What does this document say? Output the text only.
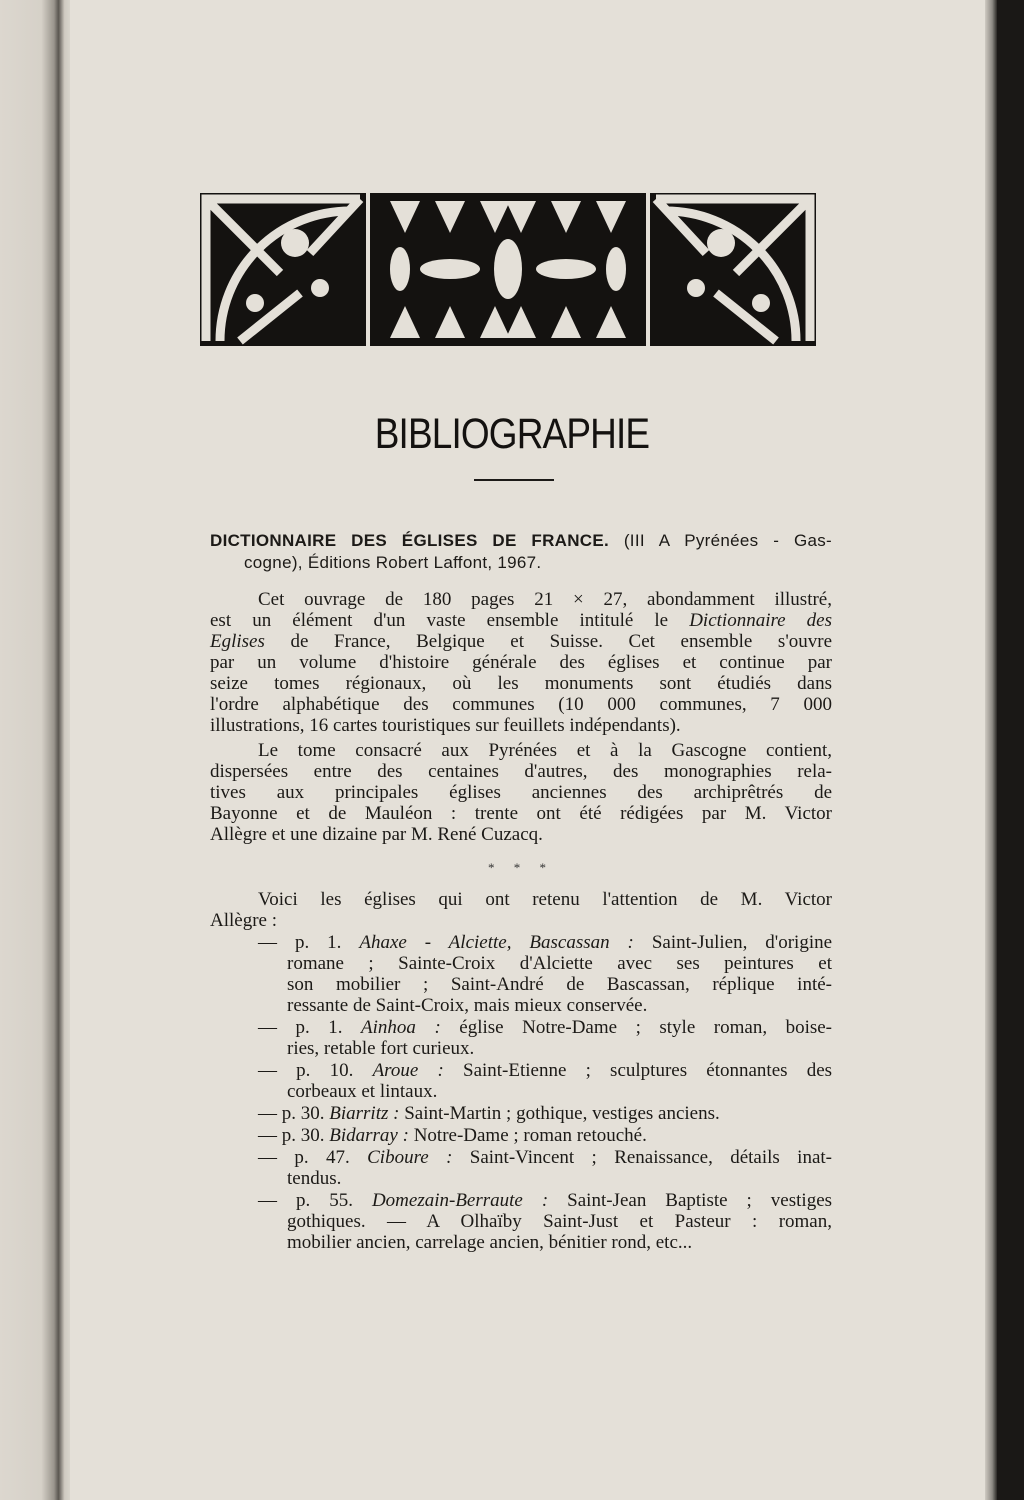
BIBLIOGRAPHIE
DICTIONNAIRE DES ÉGLISES DE FRANCE. (III A Pyrénées - Gas-
cogne), Éditions Robert Laffont, 1967.
Cet ouvrage de 180 pages 21 × 27, abondamment illustré,
est un élément d'un vaste ensemble intitulé le Dictionnaire des
Eglises de France, Belgique et Suisse. Cet ensemble s'ouvre
par un volume d'histoire générale des églises et continue par
seize tomes régionaux, où les monuments sont étudiés dans
l'ordre alphabétique des communes (10 000 communes, 7 000
illustrations, 16 cartes touristiques sur feuillets indépendants).
Le tome consacré aux Pyrénées et à la Gascogne contient,
dispersées entre des centaines d'autres, des monographies rela-
tives aux principales églises anciennes des archiprêtrés de
Bayonne et de Mauléon : trente ont été rédigées par M. Victor
Allègre et une dizaine par M. René Cuzacq.
* * *
Voici les églises qui ont retenu l'attention de M. Victor
Allègre :
— p. 1. Ahaxe - Alciette, Bascassan : Saint-Julien, d'origine
romane ; Sainte-Croix d'Alciette avec ses peintures et
son mobilier ; Saint-André de Bascassan, réplique inté-
ressante de Saint-Croix, mais mieux conservée.
— p. 1. Ainhoa : église Notre-Dame ; style roman, boise-
ries, retable fort curieux.
— p. 10. Aroue : Saint-Etienne ; sculptures étonnantes des
corbeaux et lintaux.
— p. 30. Biarritz : Saint-Martin ; gothique, vestiges anciens.
— p. 30. Bidarray : Notre-Dame ; roman retouché.
— p. 47. Ciboure : Saint-Vincent ; Renaissance, détails inat-
tendus.
— p. 55. Domezain-Berraute : Saint-Jean Baptiste ; vestiges
gothiques. — A Olhaïby Saint-Just et Pasteur : roman,
mobilier ancien, carrelage ancien, bénitier rond, etc...
